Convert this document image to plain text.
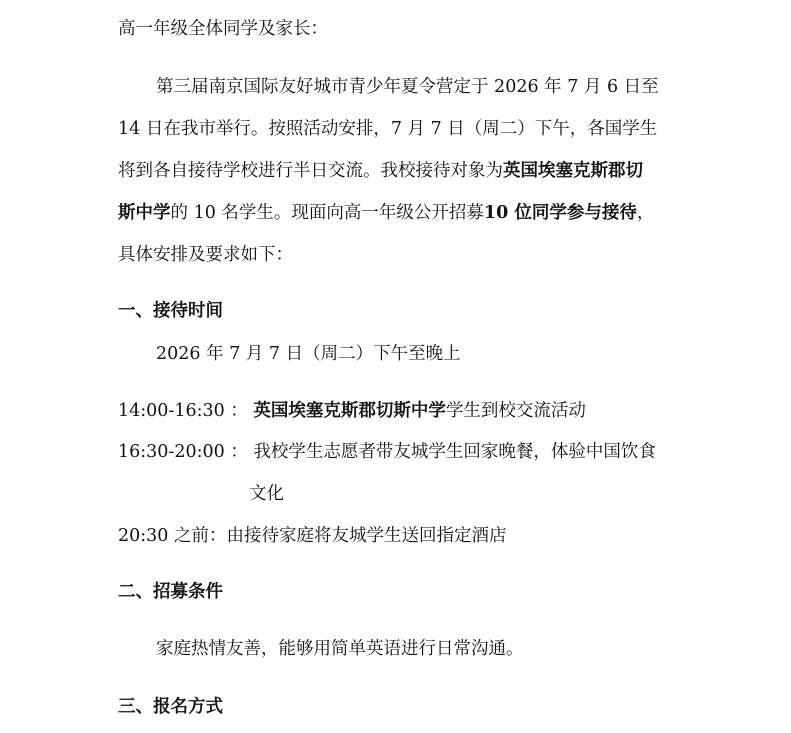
高一年级全体同学及家长：
第三届南京国际友好城市青少年夏令营定于 2026 年 7 月 6 日至
14 日在我市举行。按照活动安排，7 月 7 日（周二）下午，各国学生
将到各自接待学校进行半日交流。我校接待对象为英国埃塞克斯郡切
斯中学的 10 名学生。现面向高一年级公开招募10 位同学参与接待，
具体安排及要求如下：
一、接待时间
2026 年 7 月 7 日（周二）下午至晚上
14:00-16:30 ： 英国埃塞克斯郡切斯中学学生到校交流活动
16:30-20:00 ： 我校学生志愿者带友城学生回家晚餐，体验中国饮食
文化
20:30 之前：由接待家庭将友城学生送回指定酒店
二、招募条件
家庭热情友善，能够用简单英语进行日常沟通。
三、报名方式
